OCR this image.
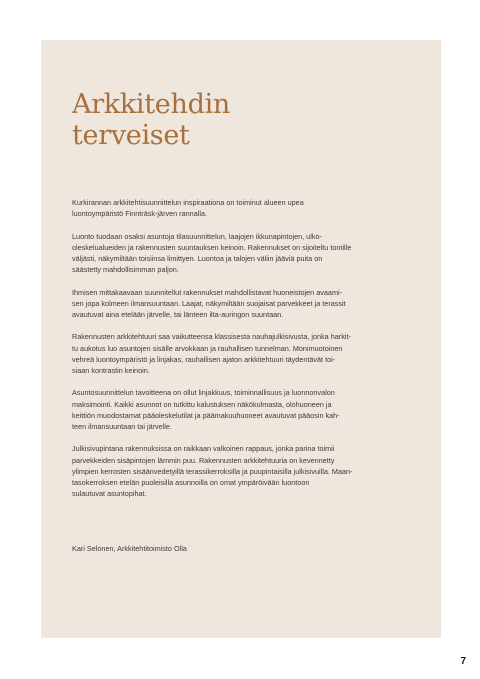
Arkkitehdin
terveiset

Kurkirannan arkkitehtisuunnittelun inspiraationa on toiminut alueen upea
luontoympäristö Finnträsk-järven rannalla.

Luonto tuodaan osaksi asuntoja tilasuunnittelun, laajojen ikkunapintojen, ulko-
oleskelualueiden ja rakennusten suuntauksen keinoin. Rakennukset on sijoiteltu tontille
väljästi, näkymiltään toisiinsa limittyen. Luontoa ja talojen väliin jääviä puita on
säästetty mahdollisimman paljon.

Ihmisen mittakaavaan suunnitellut rakennukset mahdollistavat huoneistojen avaami-
sen jopa kolmeen ilmansuuntaan. Laajat, näkymiltään suojaisat parvekkeet ja terassit
avautuvat aina etelään järvelle, tai länteen ilta-auringon suuntaan.

Rakennusten arkkitehtuuri saa vaikutteensa klassisesta nauhajulkisivusta, jonka harkit-
tu aukotus luo asuntojen sisälle arvokkaan ja rauhallisen tunnelman. Monimuotoinen
vehreä luontoympäristö ja linjakas, rauhallisen ajaton arkkitehtuuri täydentävät toi-
siaan kontrastin keinoin.

Asuntosuunnittelun tavoitteena on ollut linjakkuus, toiminnallisuus ja luonnonvalon
maksimointi. Kaikki asunnot on tutkittu kalustuksen näkökulmasta, olohuoneen ja
keittiön muodostamat pääoleskelutilat ja päämakuuhuoneet avautuvat pääosin kah-
teen ilmansuuntaan tai järvelle.

Julkisivupintana rakennuksissa on raikkaan valkoinen rappaus, jonka parina toimii
parvekkeiden sisäpintojen lämmin puu. Rakennusten arkkitehtuuria on kevennetty
ylimpien kerrosten sisäänvedetyillä terassikerroksilla ja puupintaisilla julkisivuilla. Maan-
tasokerroksen etelän puoleisilla asunnoilla on omat ympäröivään luontoon
sulautuvat asuntopihat.

Kari Selonen, Arkkitehtitoimisto Olla
7
